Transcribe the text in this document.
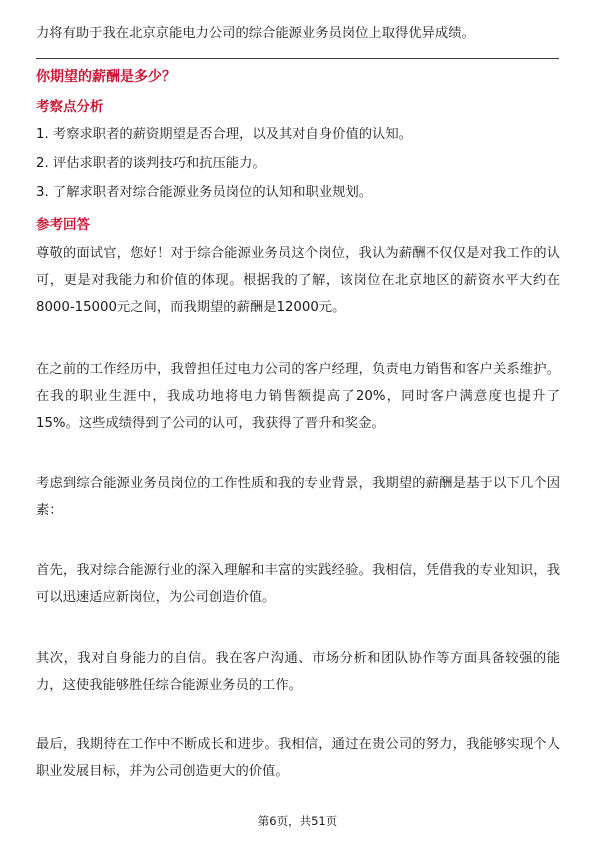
力将有助于我在北京京能电力公司的综合能源业务员岗位上取得优异成绩。

你期望的薪酬是多少？
考察点分析

1. 考察求职者的薪资期望是否合理，以及其对自身价值的认知。

2. 评估求职者的谈判技巧和抗压能力。

3. 了解求职者对综合能源业务员岗位的认知和职业规划。

参考回答

尊敬的面试官，您好！对于综合能源业务员这个岗位，我认为薪酬不仅仅是对我工作的认可，更是对我能力和价值的体现。根据我的了解，该岗位在北京地区的薪资水平大约在8000-15000元之间，而我期望的薪酬是12000元。

在之前的工作经历中，我曾担任过电力公司的客户经理，负责电力销售和客户关系维护。在我的职业生涯中，我成功地将电力销售额提高了20%，同时客户满意度也提升了15%。这些成绩得到了公司的认可，我获得了晋升和奖金。

考虑到综合能源业务员岗位的工作性质和我的专业背景，我期望的薪酬是基于以下几个因素：

首先，我对综合能源行业的深入理解和丰富的实践经验。我相信，凭借我的专业知识，我可以迅速适应新岗位，为公司创造价值。

其次，我对自身能力的自信。我在客户沟通、市场分析和团队协作等方面具备较强的能力，这使我能够胜任综合能源业务员的工作。

最后，我期待在工作中不断成长和进步。我相信，通过在贵公司的努力，我能够实现个人职业发展目标，并为公司创造更大的价值。

第6页，共51页
